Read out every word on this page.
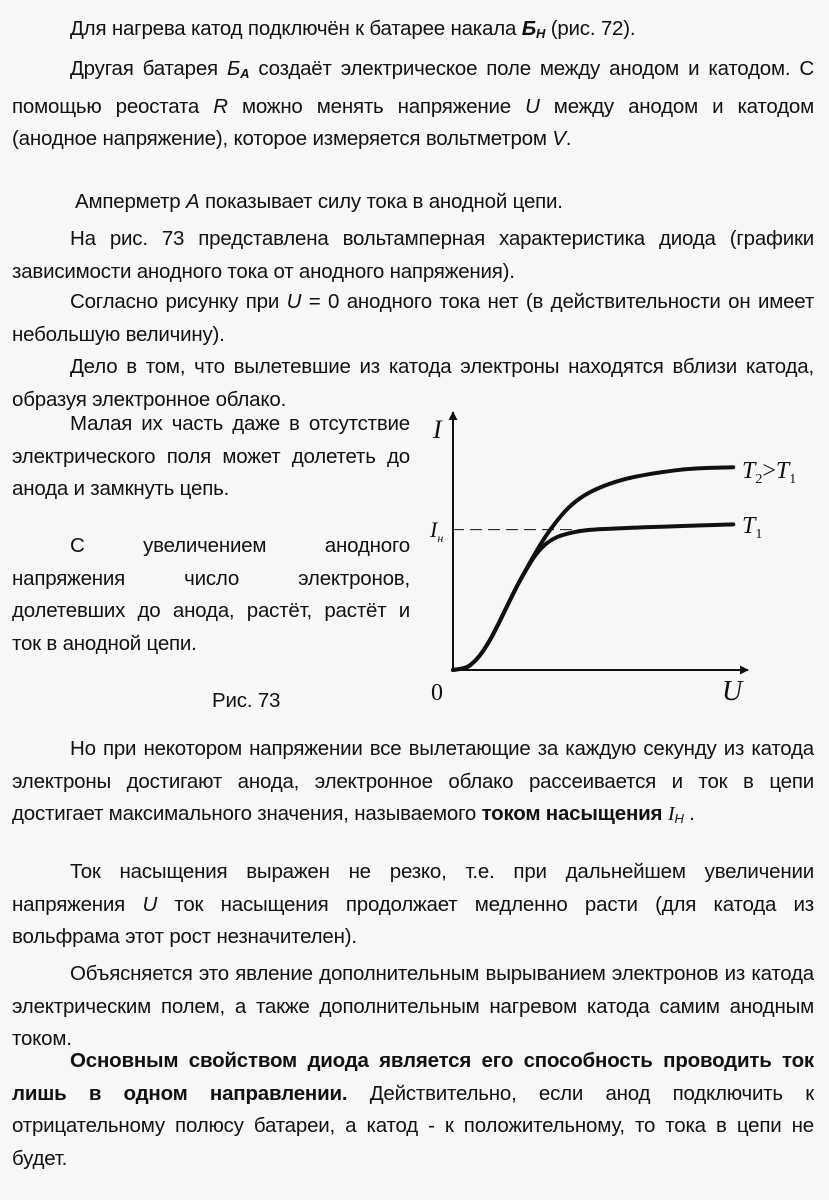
Для нагрева катод подключён к батарее накала $Б_Н$ (рис. 72).

Другая батарея $Б_А$ создаёт электрическое поле между анодом и катодом. С помощью реостата R можно менять напряжение U между анодом и катодом (анодное напряжение), которое измеряется вольтметром V.

Амперметр А показывает силу тока в анодной цепи.

На рис. 73 представлена вольтамперная характеристика диода (графики зависимости анодного тока от анодного напряжения).

Согласно рисунку при U = 0 анодного тока нет (в действительности он имеет небольшую величину).

Дело в том, что вылетевшие из катода электроны находятся вблизи катода, образуя электронное облако.

Малая их часть даже в отсутствие электрического поля может долететь до анода и замкнуть цепь.

С увеличением анодного напряжения число электронов, долетевших до анода, растёт, растёт и ток в анодной цепи.

Рис. 73
I
0	U
$I_н$
$T_2>T_1$
$T_1$

Но при некотором напряжении все вылетающие за каждую секунду из катода электроны достигают анода, электронное облако рассеивается и ток в цепи достигает максимального значения, называемого током насыщения $I_Н$ .

Ток насыщения выражен не резко, т.е. при дальнейшем увеличении напряжения U ток насыщения продолжает медленно расти (для катода из вольфрама этот рост незначителен).

Объясняется это явление дополнительным вырыванием электронов из катода электрическим полем, а также дополнительным нагревом катода самим анодным током.

Основным свойством диода является его способность проводить ток лишь в одном направлении. Действительно, если анод подключить к отрицательному полюсу батареи, а катод - к положительному, то тока в цепи не будет.
